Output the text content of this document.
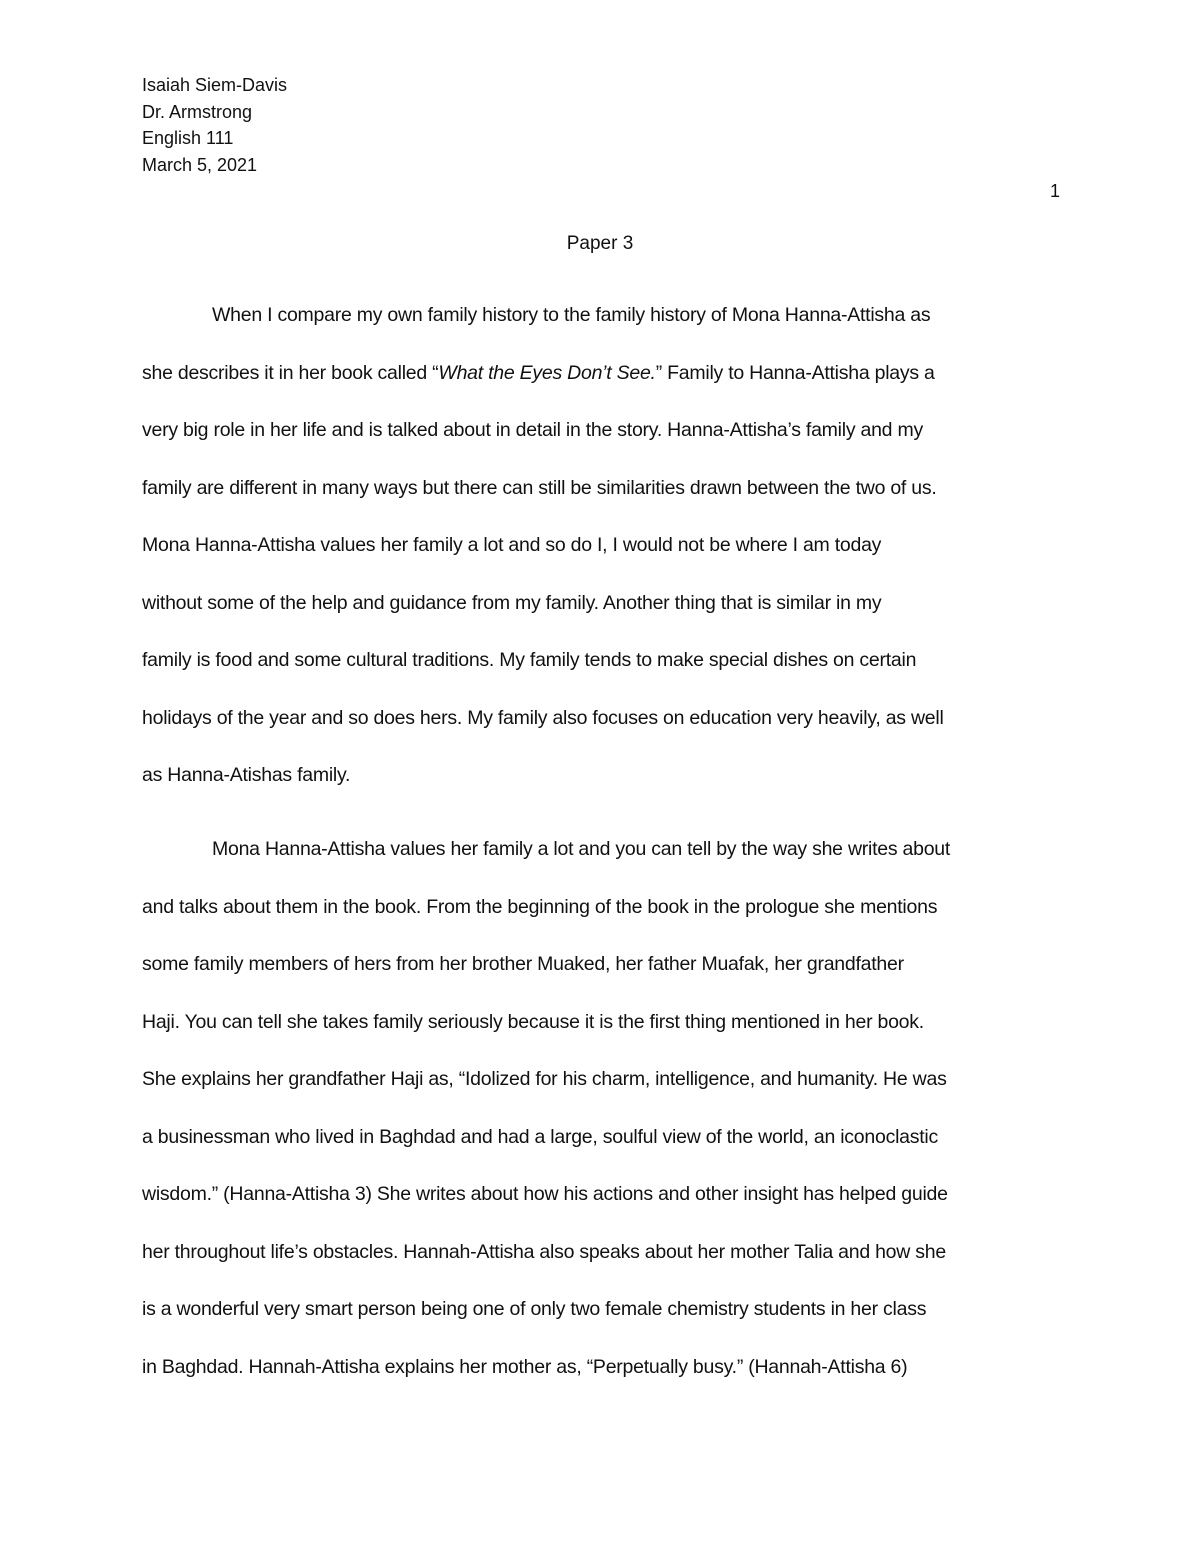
Isaiah Siem-Davis
Dr. Armstrong
English 111
March 5, 2021
1
Paper 3
When I compare my own family history to the family history of Mona Hanna-Attisha as
she describes it in her book called “What the Eyes Don’t See.” Family to Hanna-Attisha plays a
very big role in her life and is talked about in detail in the story. Hanna-Attisha’s family and my
family are different in many ways but there can still be similarities drawn between the two of us.
Mona Hanna-Attisha values her family a lot and so do I, I would not be where I am today
without some of the help and guidance from my family. Another thing that is similar in my
family is food and some cultural traditions. My family tends to make special dishes on certain
holidays of the year and so does hers. My family also focuses on education very heavily, as well
as Hanna-Atishas family.
Mona Hanna-Attisha values her family a lot and you can tell by the way she writes about
and talks about them in the book. From the beginning of the book in the prologue she mentions
some family members of hers from her brother Muaked, her father Muafak, her grandfather
Haji. You can tell she takes family seriously because it is the first thing mentioned in her book.
She explains her grandfather Haji as, “Idolized for his charm, intelligence, and humanity. He was
a businessman who lived in Baghdad and had a large, soulful view of the world, an iconoclastic
wisdom.” (Hanna-Attisha 3) She writes about how his actions and other insight has helped guide
her throughout life’s obstacles. Hannah-Attisha also speaks about her mother Talia and how she
is a wonderful very smart person being one of only two female chemistry students in her class
in Baghdad. Hannah-Attisha explains her mother as, “Perpetually busy.” (Hannah-Attisha 6)
